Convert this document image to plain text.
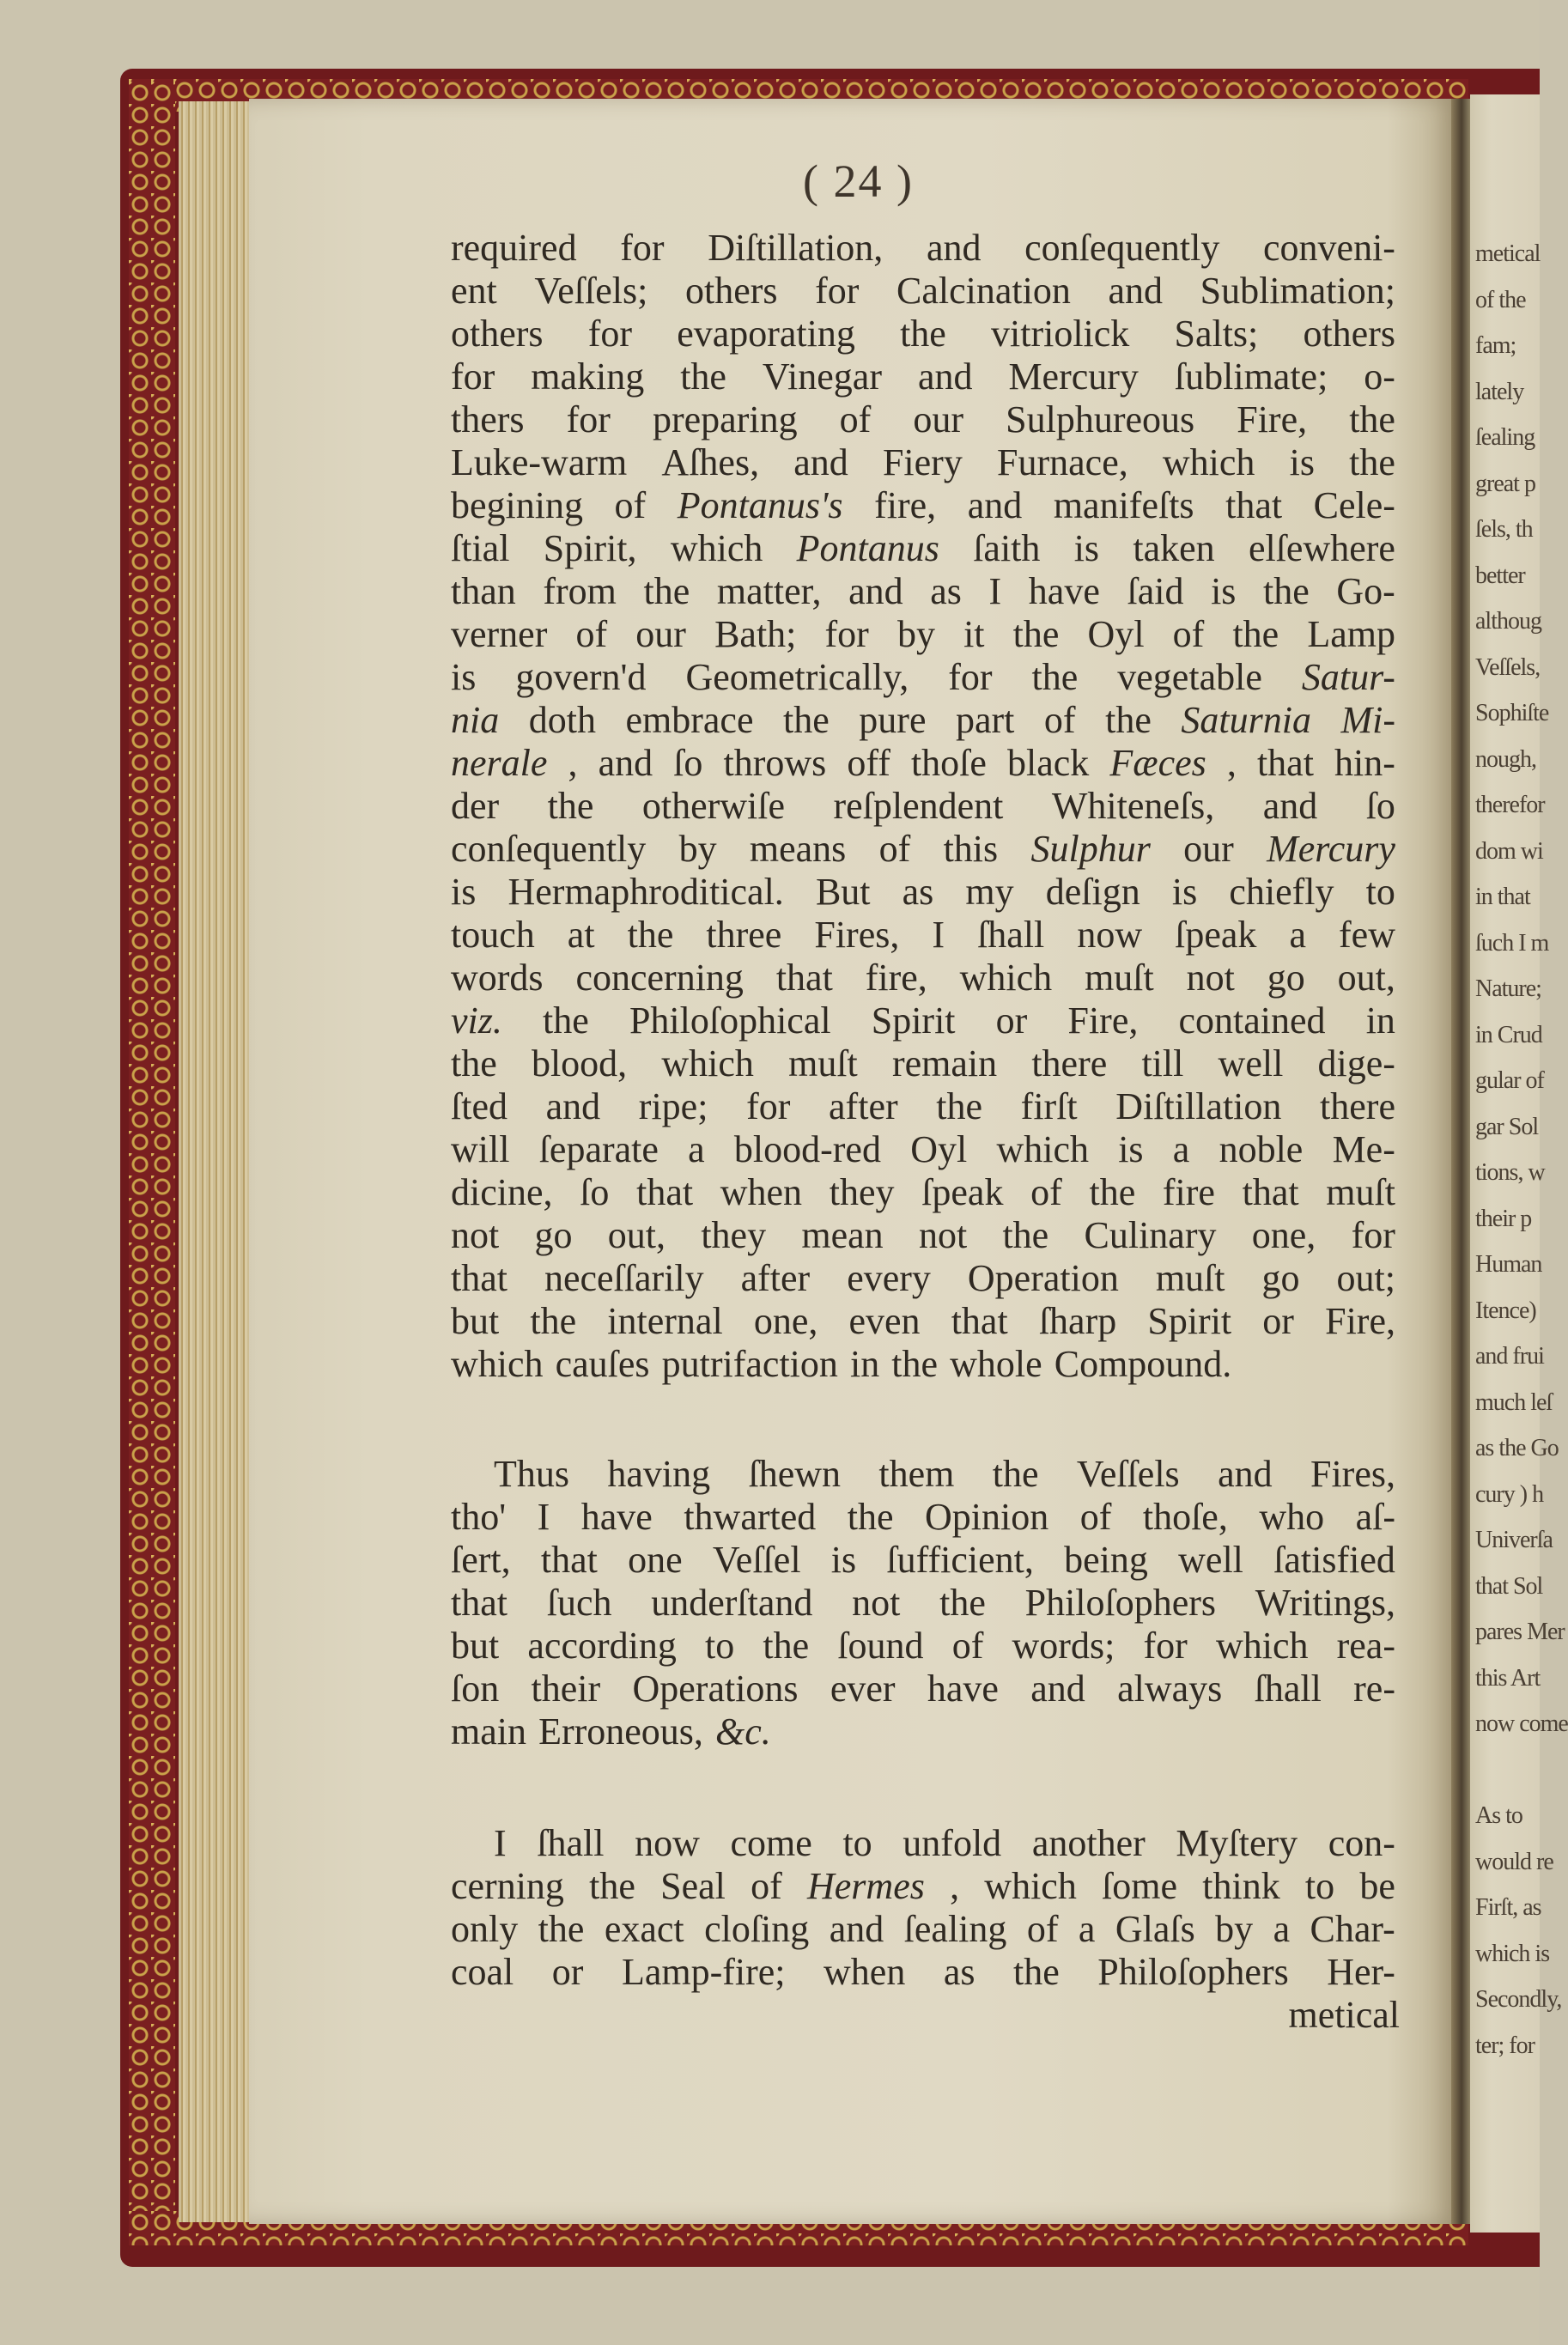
metical
of the
fam;
lately
ſealing
great p
ſels, th
better
althoug
Veſſels,
Sophiſte
nough,
therefor
dom wi
in that
ſuch I m
Nature;
in Crud
gular of
gar Sol
tions, w
their p
Human
Itence)
and frui
much leſ
as the Go
cury ) h
Univerſa
that Sol
pares Mer
this Art
now come
As to
would re
Firſt, as
which is
Secondly,
ter; for
( 24 )
required for Diſtillation, and conſequently conveni-
ent Veſſels; others for Calcination and Sublimation;
others for evaporating the vitriolick Salts; others
for making the Vinegar and Mercury ſublimate; o-
thers for preparing of our Sulphureous Fire, the
Luke-warm Aſhes, and Fiery Furnace, which is the
begining of Pontanus's fire, and manifeſts that Cele-
ſtial Spirit, which Pontanus ſaith is taken elſewhere
than from the matter, and as I have ſaid is the Go-
verner of our Bath; for by it the Oyl of the Lamp
is govern'd Geometrically, for the vegetable Satur-
nia doth embrace the pure part of the Saturnia Mi-
nerale , and ſo throws off thoſe black Fæces , that hin-
der the otherwiſe reſplendent Whiteneſs, and ſo
conſequently by means of this Sulphur our Mercury
is Hermaphroditical. But as my deſign is chiefly to
touch at the three Fires, I ſhall now ſpeak a few
words concerning that fire, which muſt not go out,
viz. the Philoſophical Spirit or Fire, contained in
the blood, which muſt remain there till well dige-
ſted and ripe; for after the firſt Diſtillation there
will ſeparate a blood-red Oyl which is a noble Me-
dicine, ſo that when they ſpeak of the fire that muſt
not go out, they mean not the Culinary one, for
that neceſſarily after every Operation muſt go out;
but the internal one, even that ſharp Spirit or Fire,
which cauſes putrifaction in the whole Compound.
Thus having ſhewn them the Veſſels and Fires,
tho' I have thwarted the Opinion of thoſe, who aſ-
ſert, that one Veſſel is ſufficient, being well ſatisfied
that ſuch underſtand not the Philoſophers Writings,
but according to the ſound of words; for which rea-
ſon their Operations ever have and always ſhall re-
main Erroneous, &c.
I ſhall now come to unfold another Myſtery con-
cerning the Seal of Hermes , which ſome think to be
only the exact cloſing and ſealing of a Glaſs by a Char-
coal or Lamp-fire; when as the Philoſophers Her-
metical
